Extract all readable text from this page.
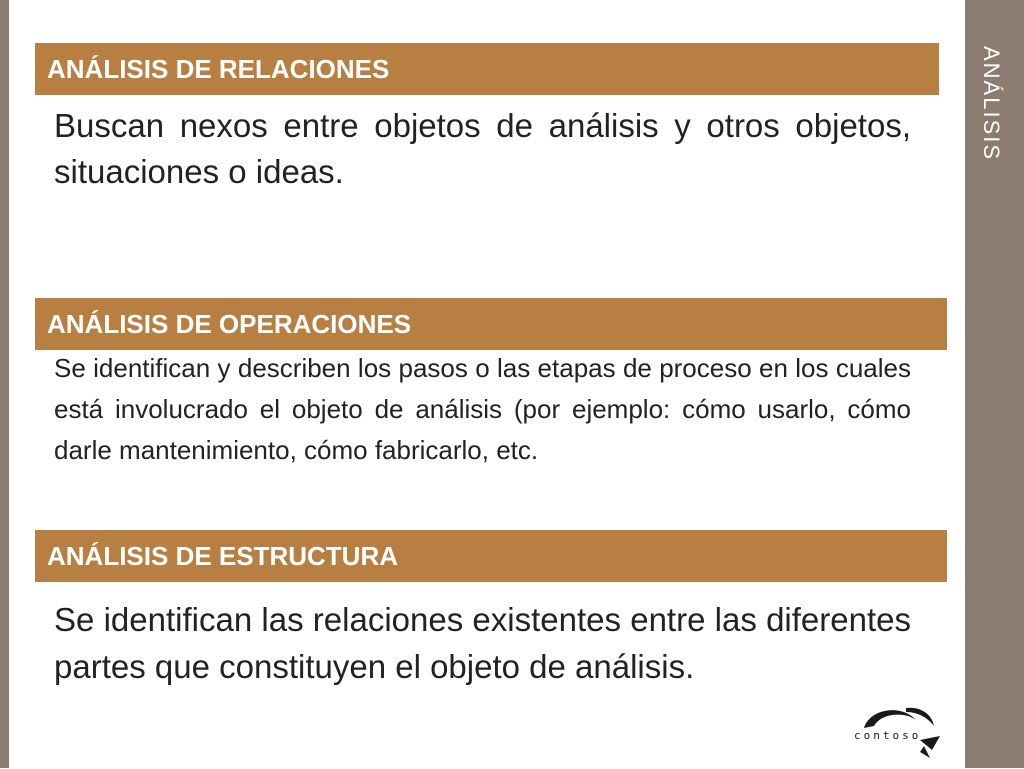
ANÁLISIS
ANÁLISIS DE RELACIONES

Buscan nexos entre objetos de análisis y otros objetos, situaciones o ideas.

ANÁLISIS DE OPERACIONES

Se identifican y describen los pasos o las etapas de proceso en los cuales está involucrado el objeto de análisis (por ejemplo: cómo usarlo, cómo darle mantenimiento, cómo fabricarlo, etc.

ANÁLISIS DE ESTRUCTURA

Se identifican las relaciones existentes entre las diferentes partes que constituyen el objeto de análisis.

contoso
